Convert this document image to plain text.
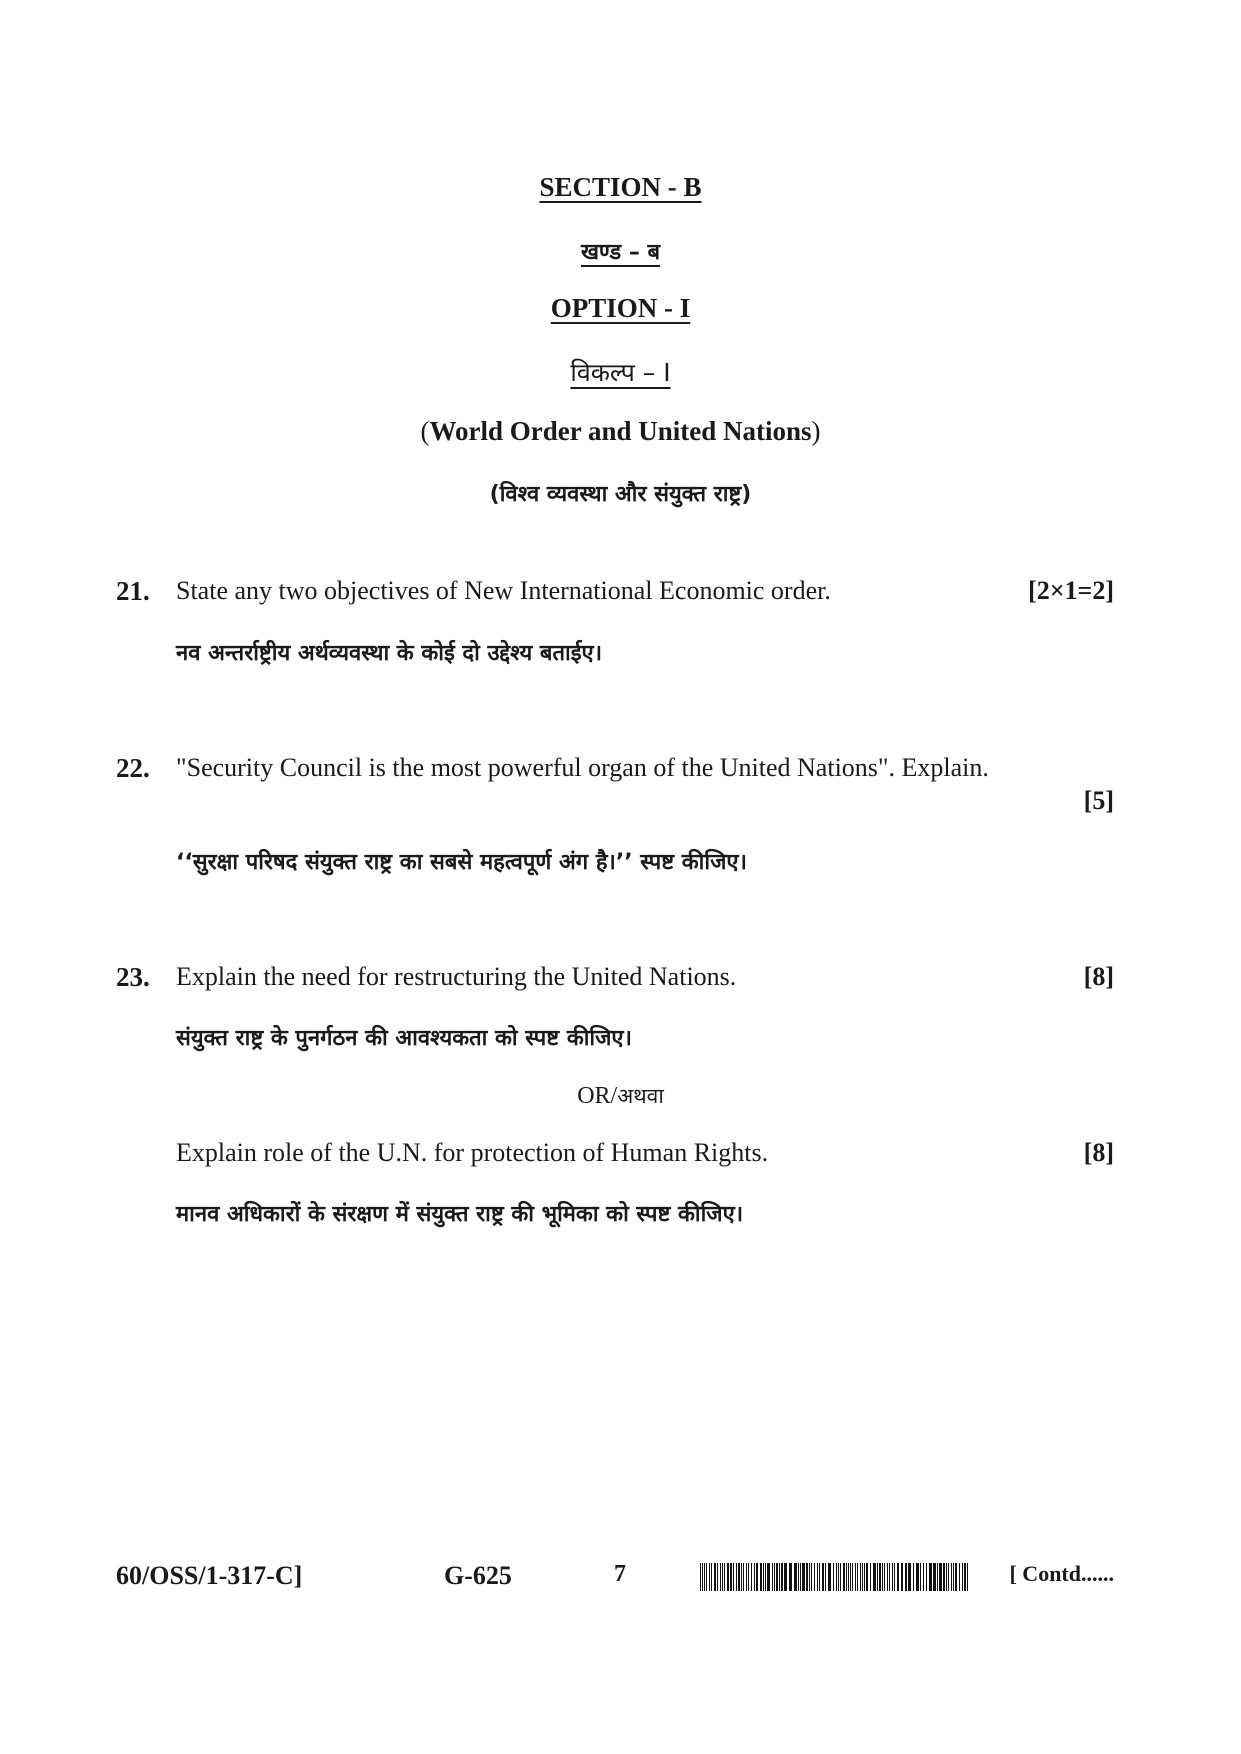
SECTION - B
खण्ड – ब
OPTION - I
विकल्प – I
(World Order and United Nations)
(विश्व व्यवस्था और संयुक्त राष्ट्र)
21. State any two objectives of New International Economic order.	[2×1=2]
नव अन्तर्राष्ट्रीय अर्थव्यवस्था के कोई दो उद्देश्य बताईए।
22. "Security Council is the most powerful organ of the United Nations". Explain.
[5]
‘‘सुरक्षा परिषद संयुक्त राष्ट्र का सबसे महत्वपूर्ण अंग है।’’ स्पष्ट कीजिए।
23. Explain the need for restructuring the United Nations.	[8]
संयुक्त राष्ट्र के पुनर्गठन की आवश्यकता को स्पष्ट कीजिए।
OR/अथवा
Explain role of the U.N. for protection of Human Rights.	[8]
मानव अधिकारों के संरक्षण में संयुक्त राष्ट्र की भूमिका को स्पष्ट कीजिए।
60/OSS/1-317-C]	G-625	7	[ Contd......
